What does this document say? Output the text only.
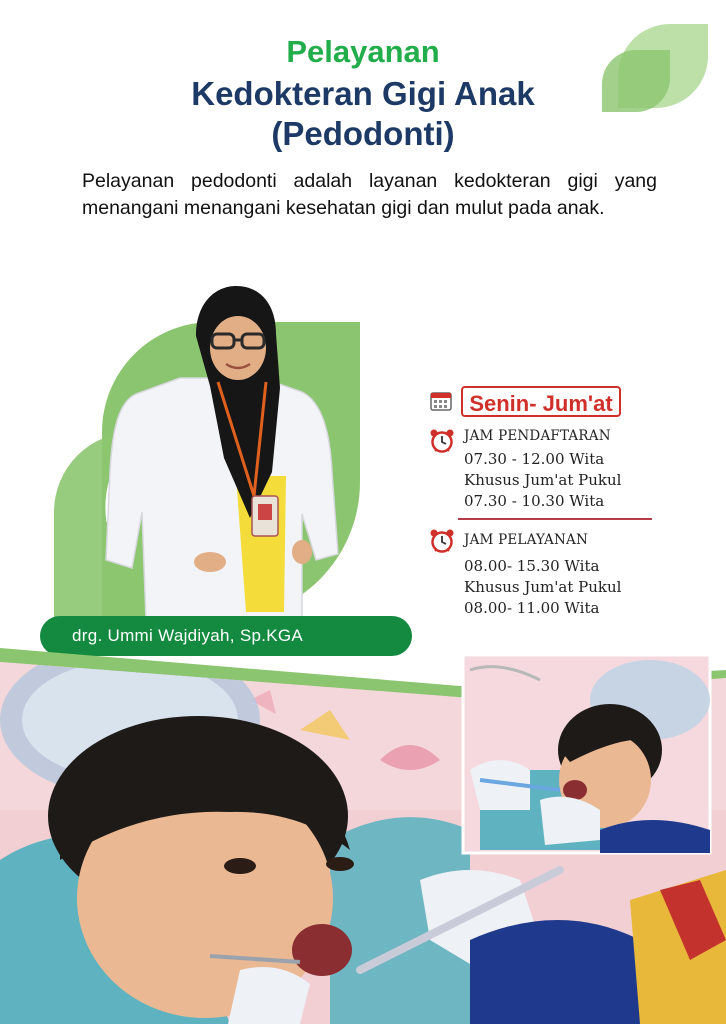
Pelayanan
Kedokteran Gigi Anak
(Pedodonti)
Pelayanan pedodonti adalah layanan kedokteran gigi yang menangani menangani kesehatan gigi dan mulut pada anak.
drg. Ummi Wajdiyah, Sp.KGA
Senin- Jum'at
JAM PENDAFTARAN
07.30 - 12.00 Wita
Khusus Jum'at Pukul
07.30 - 10.30 Wita
JAM PELAYANAN
08.00- 15.30 Wita
Khusus Jum'at Pukul
08.00- 11.00 Wita
